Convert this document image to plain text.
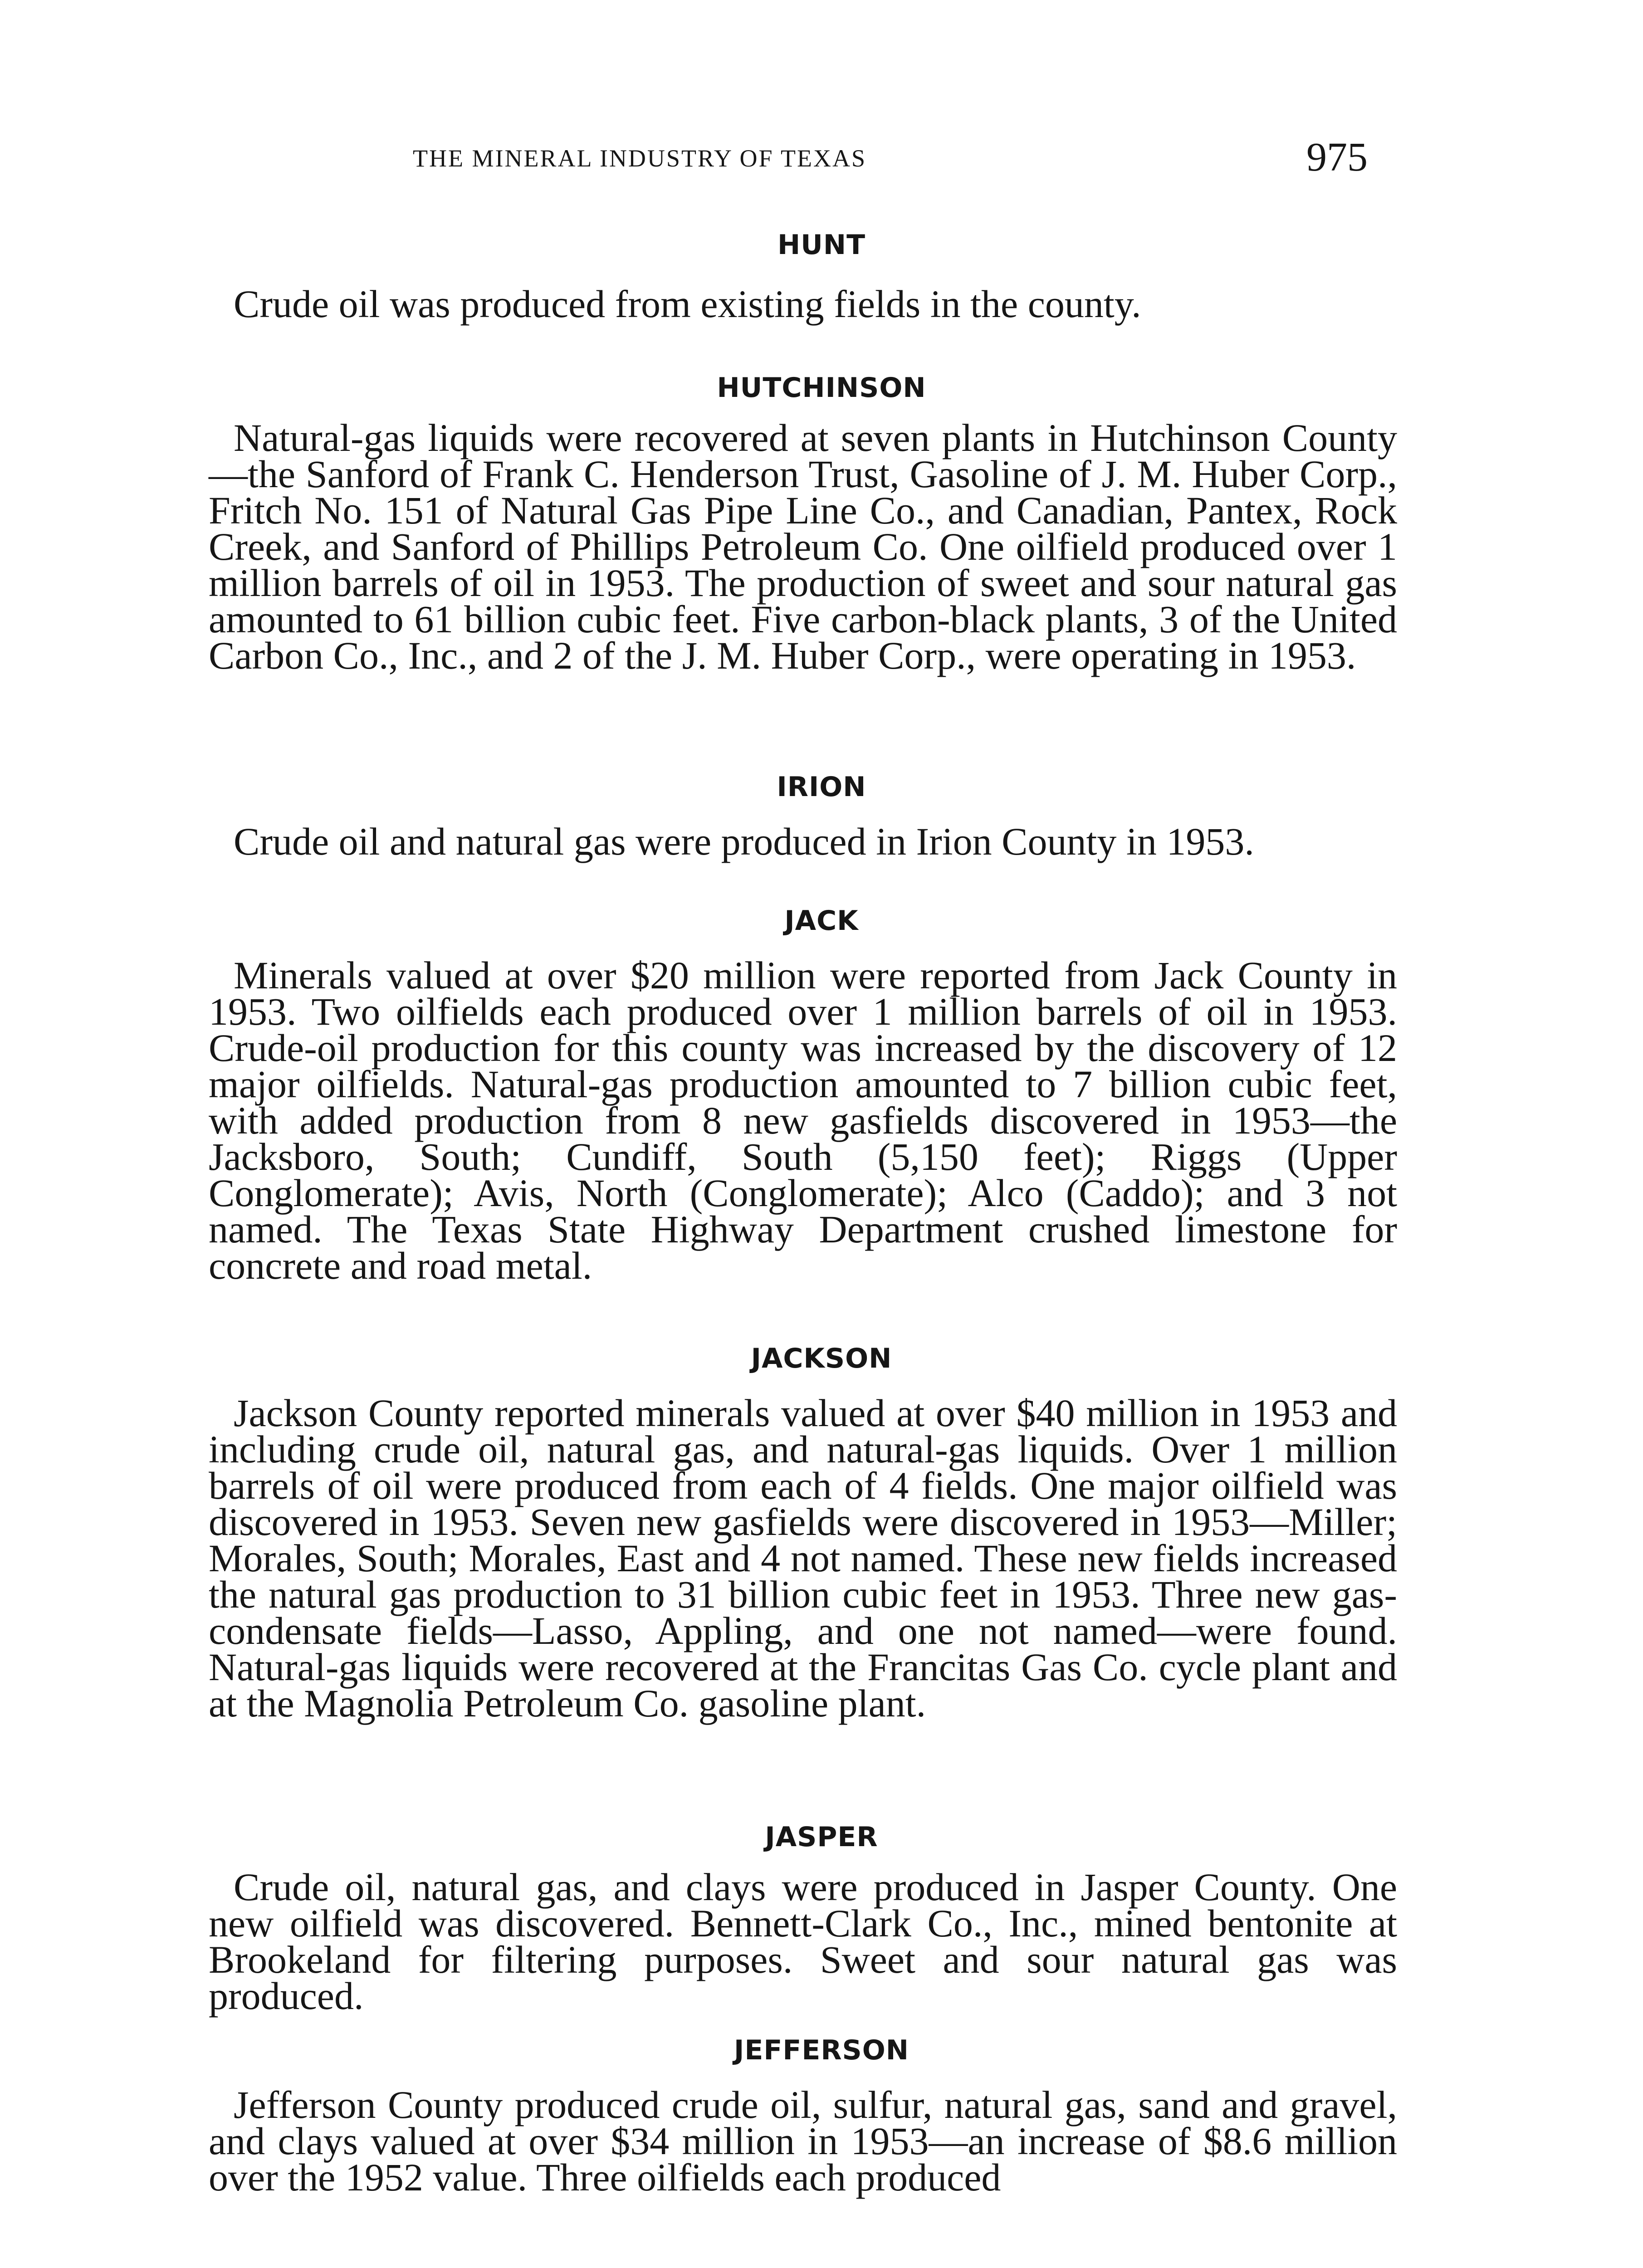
THE MINERAL INDUSTRY OF TEXAS	975
HUNT

Crude oil was produced from existing fields in the county.

HUTCHINSON

Natural-gas liquids were recovered at seven plants in Hutchinson County—the Sanford of Frank C. Henderson Trust, Gasoline of J. M. Huber Corp., Fritch No. 151 of Natural Gas Pipe Line Co., and Canadian, Pantex, Rock Creek, and Sanford of Phillips Petroleum Co. One oilfield produced over 1 million barrels of oil in 1953. The production of sweet and sour natural gas amounted to 61 billion cubic feet. Five carbon-black plants, 3 of the United Carbon Co., Inc., and 2 of the J. M. Huber Corp., were operating in 1953.

IRION

Crude oil and natural gas were produced in Irion County in 1953.

JACK

Minerals valued at over $20 million were reported from Jack County in 1953. Two oilfields each produced over 1 million barrels of oil in 1953. Crude-oil production for this county was increased by the discovery of 12 major oilfields. Natural-gas production amounted to 7 billion cubic feet, with added production from 8 new gasfields discovered in 1953—the Jacksboro, South; Cundiff, South (5,150 feet); Riggs (Upper Conglomerate); Avis, North (Conglomerate); Alco (Caddo); and 3 not named. The Texas State Highway Department crushed limestone for concrete and road metal.

JACKSON

Jackson County reported minerals valued at over $40 million in 1953 and including crude oil, natural gas, and natural-gas liquids. Over 1 million barrels of oil were produced from each of 4 fields. One major oilfield was discovered in 1953. Seven new gasfields were discovered in 1953—Miller; Morales, South; Morales, East and 4 not named. These new fields increased the natural gas production to 31 billion cubic feet in 1953. Three new gas-condensate fields—Lasso, Appling, and one not named—were found. Natural-gas liquids were recovered at the Francitas Gas Co. cycle plant and at the Magnolia Petroleum Co. gasoline plant.

JASPER

Crude oil, natural gas, and clays were produced in Jasper County. One new oilfield was discovered. Bennett-Clark Co., Inc., mined bentonite at Brookeland for filtering purposes. Sweet and sour natural gas was produced.

JEFFERSON

Jefferson County produced crude oil, sulfur, natural gas, sand and gravel, and clays valued at over $34 million in 1953—an increase of $8.6 million over the 1952 value. Three oilfields each produced
